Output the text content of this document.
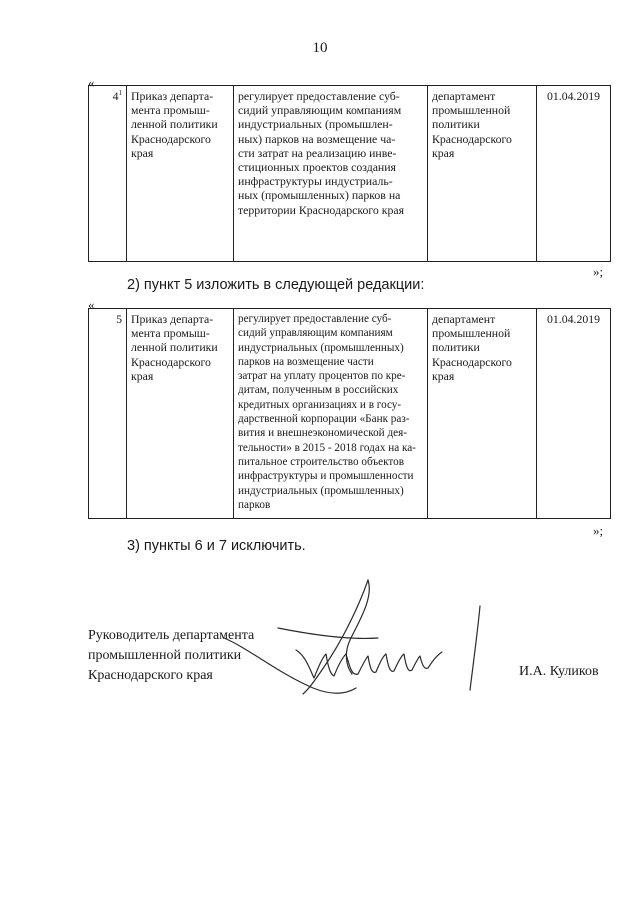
10
«
$4^1$	Приказ департа-
мента промыш-
ленной политики
Краснодарского
края

регулирует предоставление суб-
сидий управляющим компаниям
индустриальных (промышлен-
ных) парков на возмещение ча-
сти затрат на реализацию инве-
стиционных проектов создания
инфраструктуры индустриаль-
ных (промышленных) парков на
территории Краснодарского края

департамент
промышленной
политики
Краснодарского
края

01.04.2019
»;
2) пункт 5 изложить в следующей редакции:
«
5	Приказ департа-
мента промыш-
ленной политики
Краснодарского
края

регулирует предоставление суб-
сидий управляющим компаниям
индустриальных (промышленных)
парков на возмещение части
затрат на уплату процентов по кре-
дитам, полученным в российских
кредитных организациях и в госу-
дарственной корпорации «Банк раз-
вития и внешнеэкономической дея-
тельности» в 2015 - 2018 годах на ка-
питальное строительство объектов
инфраструктуры и промышленности
индустриальных (промышленных)
парков

департамент
промышленной
политики
Краснодарского
края

01.04.2019
»;
3) пункты 6 и 7 исключить.
Руководитель департамента
промышленной политики
Краснодарского края	И.А. Куликов
